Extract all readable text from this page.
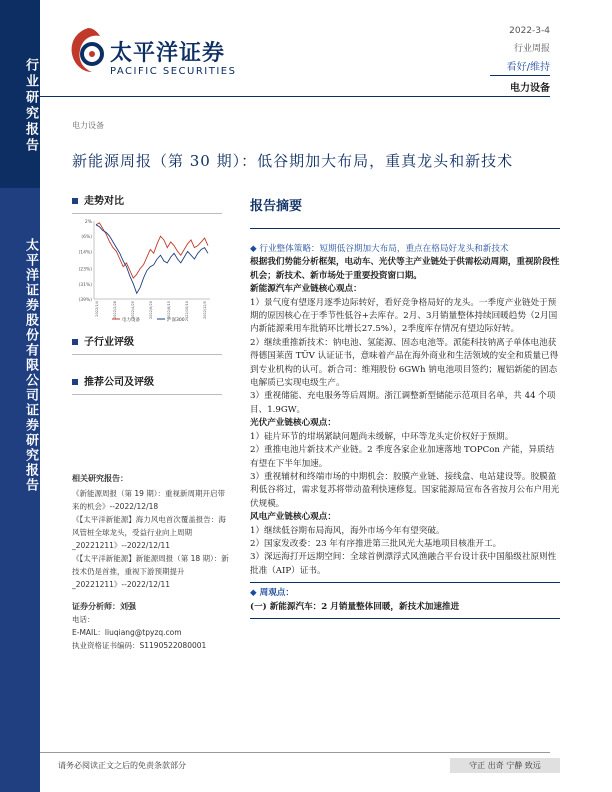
行业研究报告
太平洋证券股份有限公司证券研究报告
太平洋证券
PACIFIC SECURITIES
2022-3-4
行业周报
看好/维持
电力设备
电力设备
新能源周报（第 30 期）：低谷期加大布局，重真龙头和新技术
走势对比
2%
(6%)
(14%)
(23%)
(31%)
(39%)
2022/1/4	2022/2/28	2022/4/25	2022/6/20	2022/8/15	2022/10/10	2022/12/5
电力设备	沪深300
子行业评级
推荐公司及评级
相关研究报告：
《新能源周报（第 19 期）：重视新周期开启带来的机会》--2022/12/18
《【太平洋新能源】海力风电首次覆盖报告：海风管桩全球龙头，受益行业向上周期_20221211》--2022/12/11
《【太平洋新能源】新能源周报（第 18 期）：新技术仍是首推，重视下游预期提升_20221211》--2022/12/11
证券分析师：刘强
电话：
E-MAIL：liuqiang@tpyzq.com
执业资格证书编码：S1190522080001
报告摘要

◆ 行业整体策略：短期低谷期加大布局，重点在格局好龙头和新技术

根据我们势能分析框架，电动车、光伏等主产业链处于供需松动周期，重视阶段性机会；新技术、新市场处于重要投资窗口期。

新能源汽车产业链核心观点：

1）景气度有望逐月逐季边际转好，看好竞争格局好的龙头。一季度产业链处于预期的原因核心在于季节性低谷+去库存。2月、3月销量整体持续回暖趋势（2月国内新能源乘用车批销环比增长27.5%），2季度库存情况有望边际好转。

2）继续重推新技术：钠电池、氢能源、固态电池等。派能科技钠离子单体电池获得德国莱茵 TÜV 认证证书，意味着产品在海外商业和生活领域的安全和质量已得到专业机构的认可。新合司：维翔股份 6GWh 钠电池项目签约；履铝新能的固态电解质已实现电级生产。

3）重视储能、充电服务等后周期。浙江调整新型储能示范项目名单，共 44 个项目、1.9GW。

光伏产业链核心观点：

1）硅片环节的坩埚紧缺问题尚未缓解，中环等龙头定价权好于预期。

2）重推电池片新技术产业链。2 季度各家企业加速落地 TOPCon 产能，异质结有望在下半年加速。

3）重视辅材和终端市场的中期机会：胶膜产业链、接线盒、电站建设等。胶膜盈利低谷将过，需求复苏将带动盈利快速修复。国家能源局宣布各省按月公布户用光伏规模。

风电产业链核心观点：

1）继续低谷期布局海风，海外市场今年有望突破。

2）国家发改委：23 年有序推进第三批风光大基地项目核准开工。

3）深远海打开远期空间：全球首例漂浮式风渔融合平台设计获中国船级社原则性批准（AIP）证书。

◆ 周观点：

(一) 新能源汽车：2 月销量整体回暖，新技术加速推进

请务必阅读正文之后的免责条款部分	守正 出奇 宁静 致远
